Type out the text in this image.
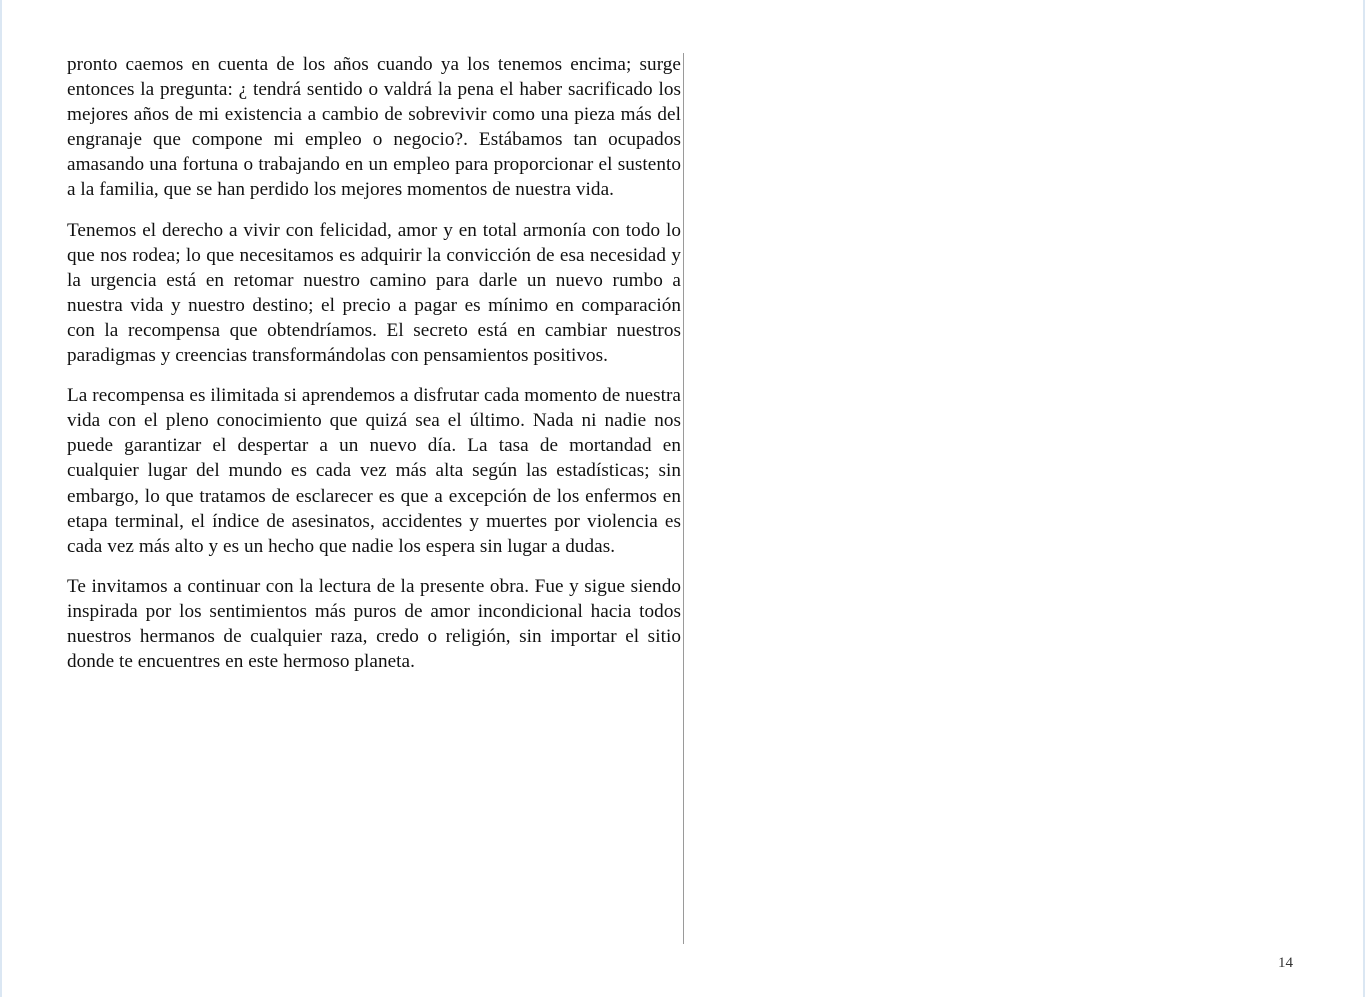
pronto caemos en cuenta de los años cuando ya los tenemos encima; surge entonces la pregunta: ¿ tendrá sentido o valdrá la pena el haber sacrificado los mejores años de mi existencia a cambio de sobrevivir como una pieza más del engranaje que compone mi empleo o negocio?. Estábamos tan ocupados amasando una fortuna o trabajando en un empleo para proporcionar el sustento a la familia, que se han perdido los mejores momentos de nuestra vida.

Tenemos el derecho a vivir con felicidad, amor y en total armonía con todo lo que nos rodea; lo que necesitamos es adquirir la convicción de esa necesidad y la urgencia está en retomar nuestro camino para darle un nuevo rumbo a nuestra vida y nuestro destino; el precio a pagar es mínimo en comparación con la recompensa que obtendríamos. El secreto está en cambiar nuestros paradigmas y creencias transformándolas con pensamientos positivos.

La recompensa es ilimitada si aprendemos a disfrutar cada momento de nuestra vida con el pleno conocimiento que quizá sea el último. Nada ni nadie nos puede garantizar el despertar a un nuevo día. La tasa de mortandad en cualquier lugar del mundo es cada vez más alta según las estadísticas; sin embargo, lo que tratamos de esclarecer es que a excepción de los enfermos en etapa terminal, el índice de asesinatos, accidentes y muertes por violencia es cada vez más alto y es un hecho que nadie los espera sin lugar a dudas.

Te invitamos a continuar con la lectura de la presente obra. Fue y sigue siendo inspirada por los sentimientos más puros de amor incondicional hacia todos nuestros hermanos de cualquier raza, credo o religión, sin importar el sitio donde te encuentres en este hermoso planeta.

14
